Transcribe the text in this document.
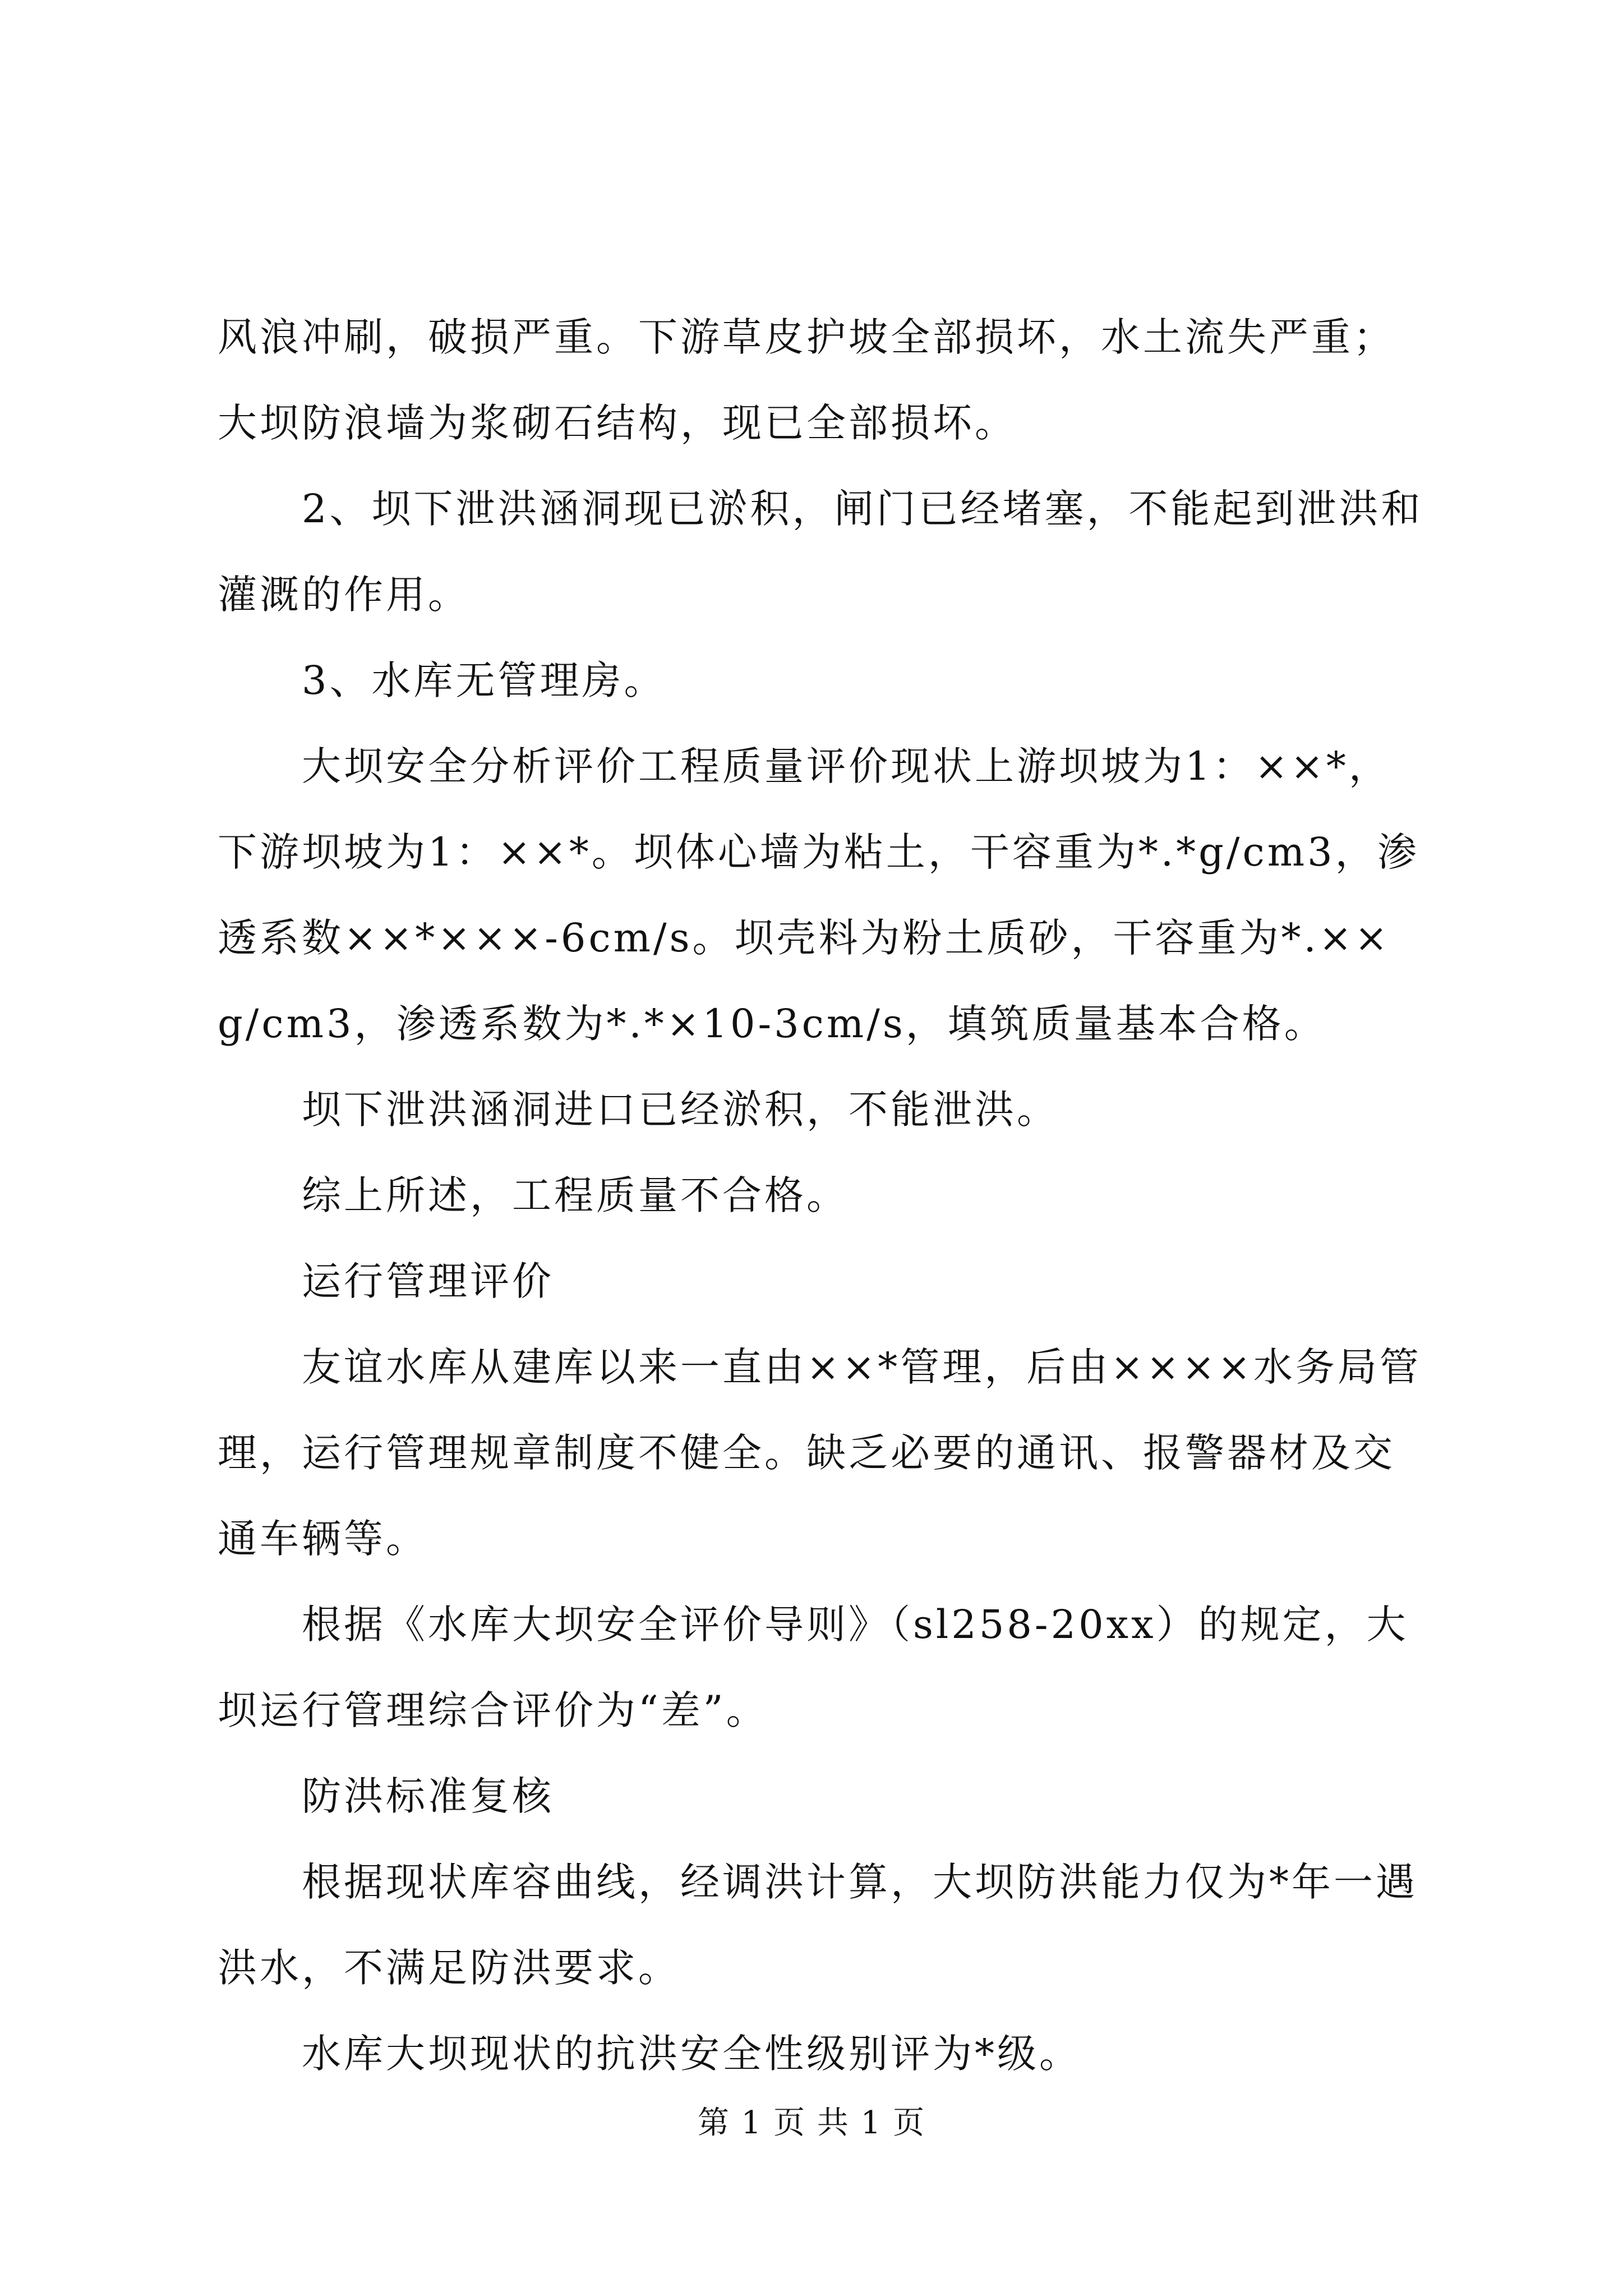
风浪冲刷，破损严重。下游草皮护坡全部损坏，水土流失严重；大坝防浪墙为浆砌石结构，现已全部损坏。

2、坝下泄洪涵洞现已淤积，闸门已经堵塞，不能起到泄洪和灌溉的作用。

3、水库无管理房。

大坝安全分析评价工程质量评价现状上游坝坡为1：××*，下游坝坡为1：××*。坝体心墙为粘土，干容重为*.*g/cm3，渗透系数××*×××-6cm/s。坝壳料为粉土质砂，干容重为*.××g/cm3，渗透系数为*.*×10-3cm/s，填筑质量基本合格。

坝下泄洪涵洞进口已经淤积，不能泄洪。

综上所述，工程质量不合格。

运行管理评价

友谊水库从建库以来一直由××*管理，后由××××水务局管理，运行管理规章制度不健全。缺乏必要的通讯、报警器材及交通车辆等。

根据《水库大坝安全评价导则》（sl258-20xx）的规定，大坝运行管理综合评价为“差”。

防洪标准复核

根据现状库容曲线，经调洪计算，大坝防洪能力仅为*年一遇洪水，不满足防洪要求。

水库大坝现状的抗洪安全性级别评为*级。

第 1 页 共 1 页
